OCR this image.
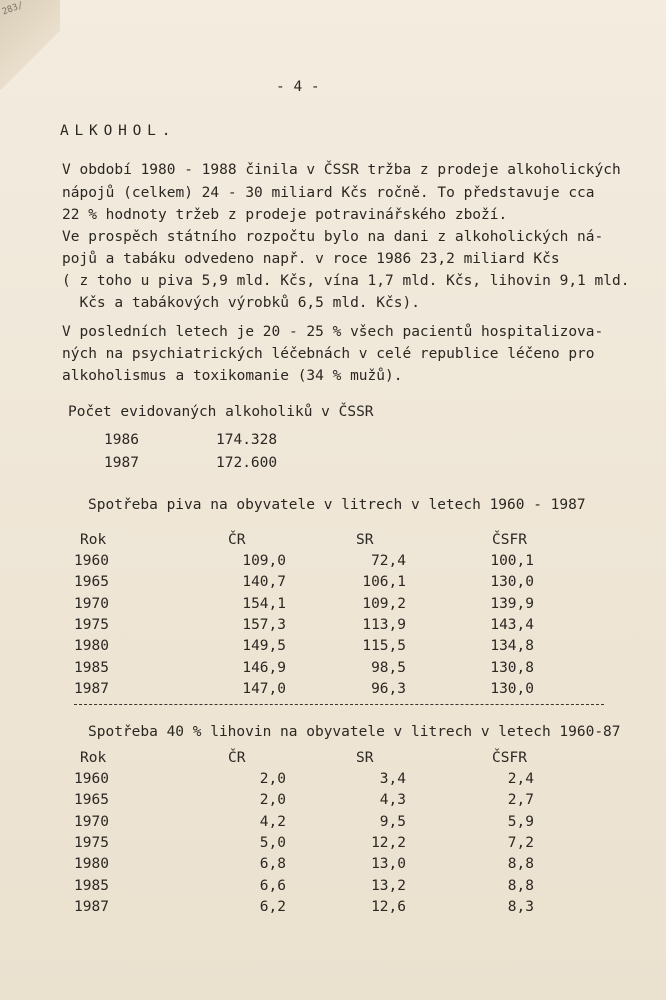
283/
- 4 -
ALKOHOL.
V období 1980 - 1988 činila v ČSSR tržba z prodeje alkoholických
nápojů (celkem) 24 - 30 miliard Kčs ročně. To představuje cca
22 % hodnoty tržeb z prodeje potravinářského zboží.
Ve prospěch státního rozpočtu bylo na dani z alkoholických ná-
pojů a tabáku odvedeno např. v roce 1986 23,2 miliard Kčs
( z toho u piva 5,9 mld. Kčs, vína 1,7 mld. Kčs, lihovin 9,1 mld.
Kčs a tabákových výrobků 6,5 mld. Kčs).
V posledních letech je 20 - 25 % všech pacientů hospitalizova-
ných na psychiatrických léčebnách v celé republice léčeno pro
alkoholismus a toxikomanie (34 % mužů).
Počet evidovaných alkoholiků v ČSSR
1986	174.328
1987	172.600
Spotřeba piva na obyvatele v litrech v letech 1960 - 1987
Rok	ČR	SR	ČSFR
1960	109,0	72,4	100,1
1965	140,7	106,1	130,0
1970	154,1	109,2	139,9
1975	157,3	113,9	143,4
1980	149,5	115,5	134,8
1985	146,9	98,5	130,8
1987	147,0	96,3	130,0
Spotřeba 40 % lihovin na obyvatele v litrech v letech 1960-87
Rok	ČR	SR	ČSFR
1960	2,0	3,4	2,4
1965	2,0	4,3	2,7
1970	4,2	9,5	5,9
1975	5,0	12,2	7,2
1980	6,8	13,0	8,8
1985	6,6	13,2	8,8
1987	6,2	12,6	8,3
